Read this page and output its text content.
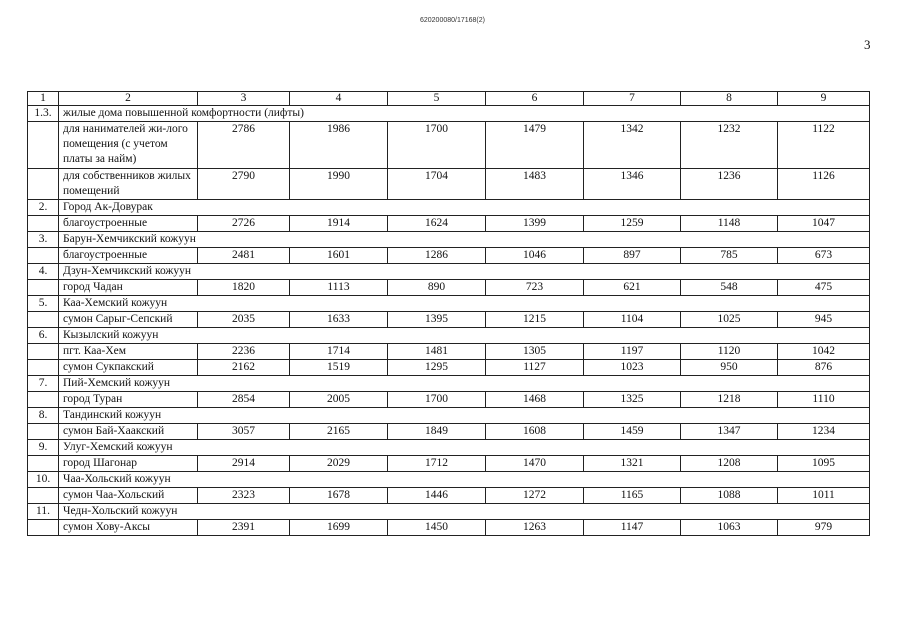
620200080/17168(2)
3
1	2	3	4	5	6	7	8	9
1.3.	жилые дома повышенной комфортности (лифты)							
	для нанимателей жи-лого помещения (с учетом платы за найм)	2786	1986	1700	1479	1342	1232	1122
	для собственников жилых помещений	2790	1990	1704	1483	1346	1236	1126
2.	Город Ак-Довурак							
	благоустроенные	2726	1914	1624	1399	1259	1148	1047
3.	Барун-Хемчикский кожуун							
	благоустроенные	2481	1601	1286	1046	897	785	673
4.	Дзун-Хемчикский кожуун							
	город Чадан	1820	1113	890	723	621	548	475
5.	Каа-Хемский кожуун							
	сумон Сарыг-Сепский	2035	1633	1395	1215	1104	1025	945
6.	Кызылский кожуун							
	пгт. Каа-Хем	2236	1714	1481	1305	1197	1120	1042
	сумон Сукпакский	2162	1519	1295	1127	1023	950	876
7.	Пий-Хемский кожуун							
	город Туран	2854	2005	1700	1468	1325	1218	1110
8.	Тандинский кожуун							
	сумон Бай-Хаакский	3057	2165	1849	1608	1459	1347	1234
9.	Улуг-Хемский кожуун							
	город Шагонар	2914	2029	1712	1470	1321	1208	1095
10.	Чаа-Хольский кожуун							
	сумон Чаа-Хольский	2323	1678	1446	1272	1165	1088	1011
11.	Чедн-Хольский кожуун							
	сумон Хову-Аксы	2391	1699	1450	1263	1147	1063	979
